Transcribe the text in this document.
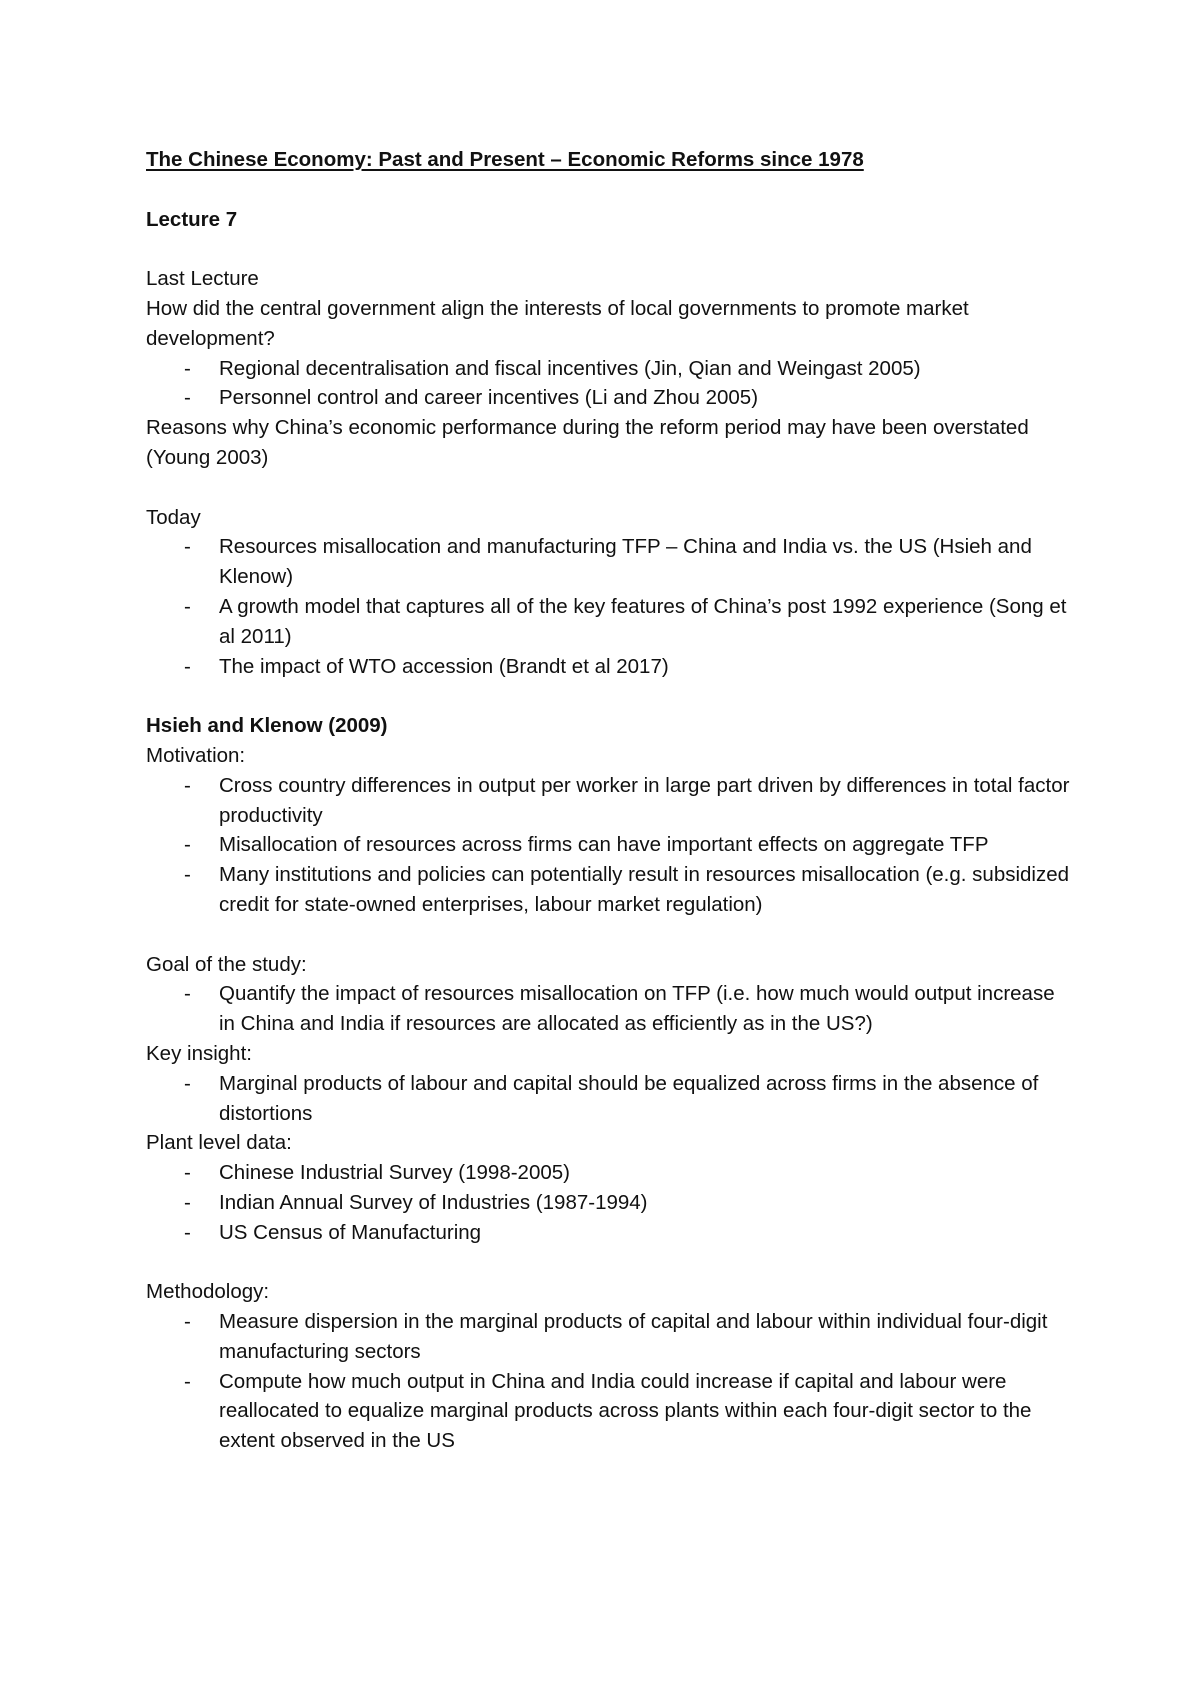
The Chinese Economy: Past and Present – Economic Reforms since 1978

Lecture 7

Last Lecture

How did the central government align the interests of local governments to promote market development?

- Regional decentralisation and fiscal incentives (Jin, Qian and Weingast 2005)
- Personnel control and career incentives (Li and Zhou 2005)

Reasons why China’s economic performance during the reform period may have been overstated (Young 2003)

Today

- Resources misallocation and manufacturing TFP – China and India vs. the US (Hsieh and Klenow)
- A growth model that captures all of the key features of China’s post 1992 experience (Song et al 2011)
- The impact of WTO accession (Brandt et al 2017)

Hsieh and Klenow (2009)

Motivation:

- Cross country differences in output per worker in large part driven by differences in total factor productivity
- Misallocation of resources across firms can have important effects on aggregate TFP
- Many institutions and policies can potentially result in resources misallocation (e.g. subsidized credit for state-owned enterprises, labour market regulation)

Goal of the study:

- Quantify the impact of resources misallocation on TFP (i.e. how much would output increase in China and India if resources are allocated as efficiently as in the US?)

Key insight:

- Marginal products of labour and capital should be equalized across firms in the absence of distortions

Plant level data:

- Chinese Industrial Survey (1998-2005)
- Indian Annual Survey of Industries (1987-1994)
- US Census of Manufacturing

Methodology:

- Measure dispersion in the marginal products of capital and labour within individual four-digit manufacturing sectors
- Compute how much output in China and India could increase if capital and labour were reallocated to equalize marginal products across plants within each four-digit sector to the extent observed in the US
